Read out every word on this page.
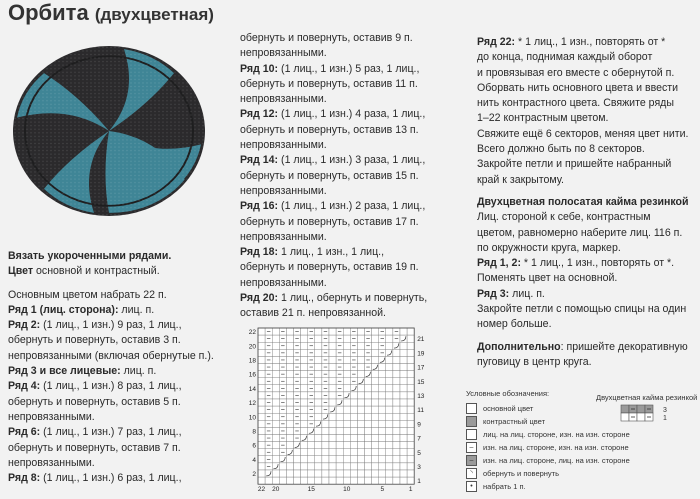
Орбита (двухцветная)

Вязать укороченными рядами.

Цвет основной и контрастный.

Основным цветом набрать 22 п.

Ряд 1 (лиц. сторона): лиц. п.

Ряд 2: (1 лиц., 1 изн.) 9 раз, 1 лиц.,

обернуть и повернуть, оставив 3 п.

непровязанными (включая обернутые п.).

Ряд 3 и все лицевые: лиц. п.

Ряд 4: (1 лиц., 1 изн.) 8 раз, 1 лиц.,

обернуть и повернуть, оставив 5 п.

непровязанными.

Ряд 6: (1 лиц., 1 изн.) 7 раз, 1 лиц.,

обернуть и повернуть, оставив 7 п.

непровязанными.

Ряд 8: (1 лиц., 1 изн.) 6 раз, 1 лиц.,

обернуть и повернуть, оставив 9 п.

непровязанными.

Ряд 10: (1 лиц., 1 изн.) 5 раз, 1 лиц.,

обернуть и повернуть, оставив 11 п.

непровязанными.

Ряд 12: (1 лиц., 1 изн.) 4 раза, 1 лиц.,

обернуть и повернуть, оставив 13 п.

непровязанными.

Ряд 14: (1 лиц., 1 изн.) 3 раза, 1 лиц.,

обернуть и повернуть, оставив 15 п.

непровязанными.

Ряд 16: (1 лиц., 1 изн.) 2 раза, 1 лиц.,

обернуть и повернуть, оставив 17 п.

непровязанными.

Ряд 18: 1 лиц., 1 изн., 1 лиц.,

обернуть и повернуть, оставив 19 п.

непровязанными.

Ряд 20: 1 лиц., обернуть и повернуть,

оставив 21 п. непровязанной.

Ряд 22: * 1 лиц., 1 изн., повторять от *

до конца, поднимая каждый оборот

и провязывая его вместе с обернутой п.

Оборвать нить основного цвета и ввести

нить контрастного цвета. Свяжите ряды

1–22 контрастным цветом.

Свяжите ещё 6 секторов, меняя цвет нити.

Всего должно быть по 8 секторов.

Закройте петли и пришейте набранный

край к закрытому.

Двухцветная полосатая кайма резинкой

Лиц. стороной к себе, контрастным

цветом, равномерно наберите лиц. 116 п.

по окружности круга, маркер.

Ряд 1, 2: * 1 лиц., 1 изн., повторять от *.

Поменять цвет на основной.

Ряд 3: лиц. п.

Закройте петли с помощью спицы на один

номер больше.

Дополнительно: пришейте декоративную

пуговицу в центр круга.

22
20
18
16
14
12
10
8
6
4
2
21
19
17
15
13
11
9
7
5
3
1
22 20	15	10	5	1
Двухцветная кайма резинкой
3
1
Условные обозначения:
основной цвет
контрастный цвет
лиц. на лиц. стороне, изн. на изн. стороне
–	изн. на лиц. стороне, изн. на изн. стороне
–	изн. на лиц. стороне, лиц. на изн. стороне
◝	обернуть и повернуть
•	набрать 1 п.
